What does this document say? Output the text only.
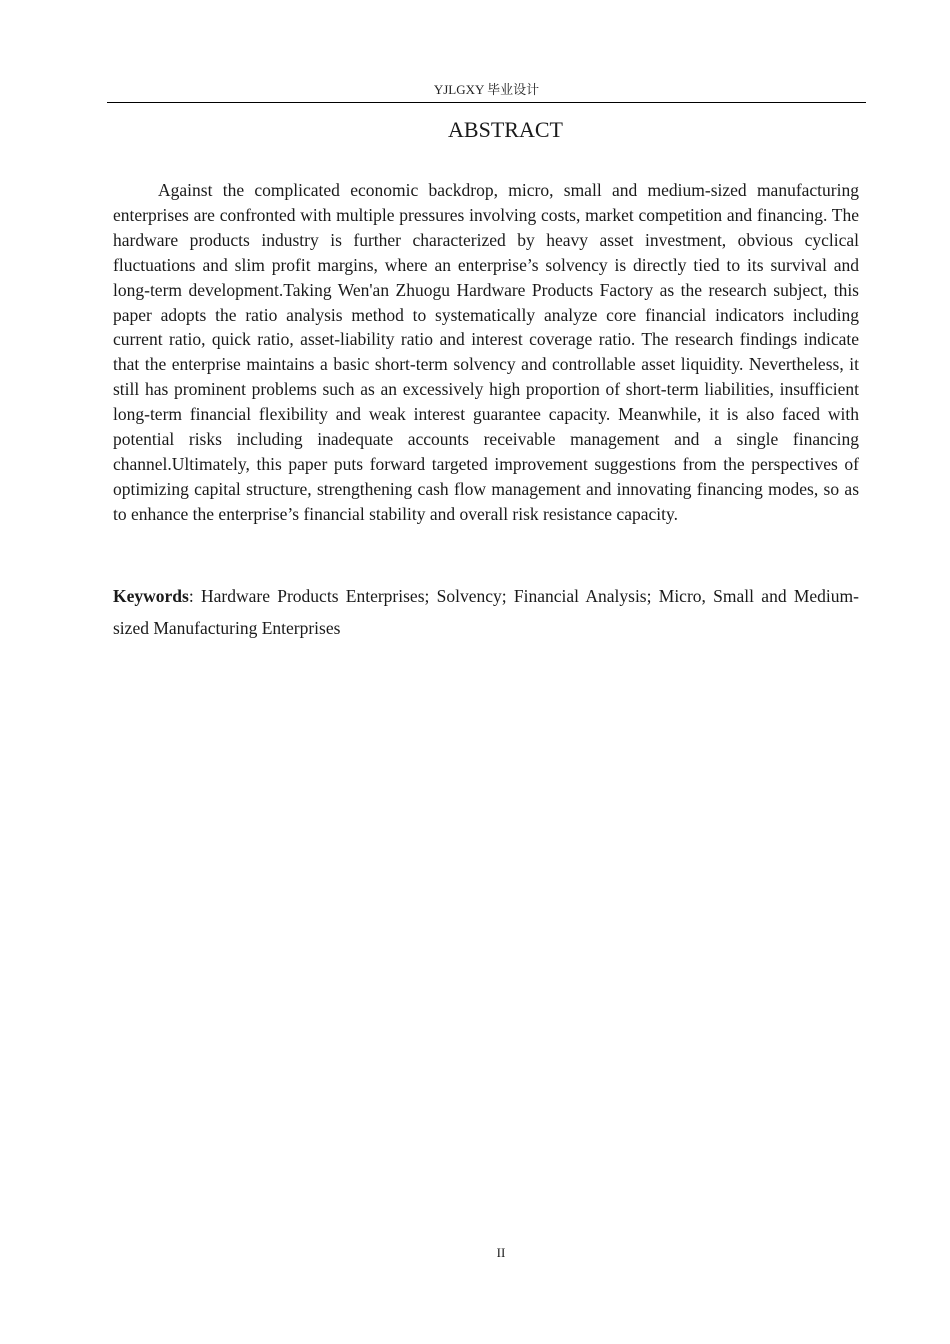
YJLGXY 毕业设计
ABSTRACT

Against the complicated economic backdrop, micro, small and medium-sized manufacturing enterprises are confronted with multiple pressures involving costs, market competition and financing. The hardware products industry is further characterized by heavy asset investment, obvious cyclical fluctuations and slim profit margins, where an enterprise’s solvency is directly tied to its survival and long-term development.Taking Wen'an Zhuogu Hardware Products Factory as the research subject, this paper adopts the ratio analysis method to systematically analyze core financial indicators including current ratio, quick ratio, asset-liability ratio and interest coverage ratio. The research findings indicate that the enterprise maintains a basic short-term solvency and controllable asset liquidity. Nevertheless, it still has prominent problems such as an excessively high proportion of short-term liabilities, insufficient long-term financial flexibility and weak interest guarantee capacity. Meanwhile, it is also faced with potential risks including inadequate accounts receivable management and a single financing channel.Ultimately, this paper puts forward targeted improvement suggestions from the perspectives of optimizing capital structure, strengthening cash flow management and innovating financing modes, so as to enhance the enterprise’s financial stability and overall risk resistance capacity.

Keywords: Hardware Products Enterprises; Solvency; Financial Analysis; Micro, Small and Medium-sized Manufacturing Enterprises

II
